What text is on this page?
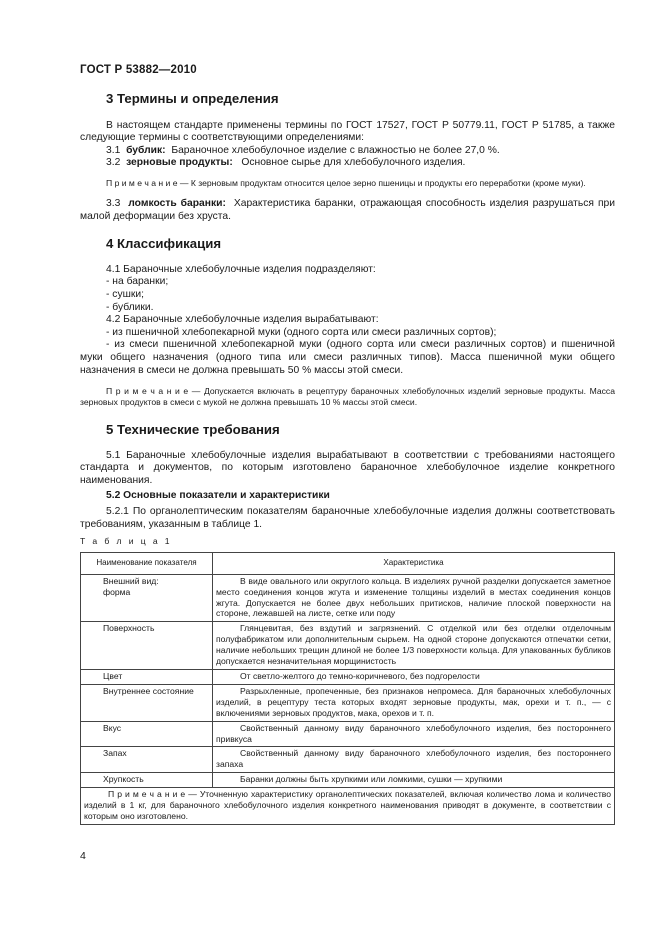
ГОСТ Р 53882—2010
3 Термины и определения

В настоящем стандарте применены термины по ГОСТ 17527, ГОСТ Р 50779.11, ГОСТ Р 51785, а также следующие термины с соответствующими определениями:

3.1 бублик: Бараночное хлебобулочное изделие с влажностью не более 27,0 %.

3.2 зерновые продукты: Основное сырье для хлебобулочного изделия.

П р и м е ч а н и е — К зерновым продуктам относится целое зерно пшеницы и продукты его переработки (кроме муки).

3.3 ломкость баранки: Характеристика баранки, отражающая способность изделия разрушаться при малой деформации без хруста.

4 Классификация

4.1 Бараночные хлебобулочные изделия подразделяют:

- на баранки;

- сушки;

- бублики.

4.2 Бараночные хлебобулочные изделия вырабатывают:

- из пшеничной хлебопекарной муки (одного сорта или смеси различных сортов);

- из смеси пшеничной хлебопекарной муки (одного сорта или смеси различных сортов) и пшеничной муки общего назначения (одного типа или смеси различных типов). Масса пшеничной муки общего назначения в смеси не должна превышать 50 % массы этой смеси.

П р и м е ч а н и е — Допускается включать в рецептуру бараночных хлебобулочных изделий зерновые продукты. Масса зерновых продуктов в смеси с мукой не должна превышать 10 % массы этой смеси.

5 Технические требования

5.1 Бараночные хлебобулочные изделия вырабатывают в соответствии с требованиями настоящего стандарта и документов, по которым изготовлено бараночное хлебобулочное изделие конкретного наименования.

5.2 Основные показатели и характеристики

5.2.1 По органолептическим показателям бараночные хлебобулочные изделия должны соответствовать требованиям, указанным в таблице 1.

Т а б л и ц а 1

Наименование показателя	Характеристика

Внешний вид:
форма	В виде овального или округлого кольца. В изделиях ручной разделки допускается заметное место соединения концов жгута и изменение толщины изделий в местах соединения концов жгута. Допускается не более двух небольших притисков, наличие плоской поверхности на стороне, лежавшей на листе, сетке или поду
Поверхность	Глянцевитая, без вздутий и загрязнений. С отделкой или без отделки отделочным полуфабрикатом или дополнительным сырьем. На одной стороне допускаются отпечатки сетки, наличие небольших трещин длиной не более 1/3 поверхности кольца. Для упакованных бубликов допускается незначительная морщинистость
Цвет	От светло-желтого до темно-коричневого, без подгорелости
Внутреннее состояние	Разрыхленные, пропеченные, без признаков непромеса. Для бараночных хлебобулочных изделий, в рецептуру теста которых входят зерновые продукты, мак, орехи и т. п., — с включениями зерновых продуктов, мака, орехов и т. п.
Вкус	Свойственный данному виду бараночного хлебобулочного изделия, без постороннего привкуса
Запах	Свойственный данному виду бараночного хлебобулочного изделия, без постороннего запаха
Хрупкость	Баранки должны быть хрупкими или ломкими, сушки — хрупкими
П р и м е ч а н и е — Уточненную характеристику органолептических показателей, включая количество лома и количество изделий в 1 кг, для бараночного хлебобулочного изделия конкретного наименования приводят в документе, в соответствии с которым оно изготовлено.	
4
